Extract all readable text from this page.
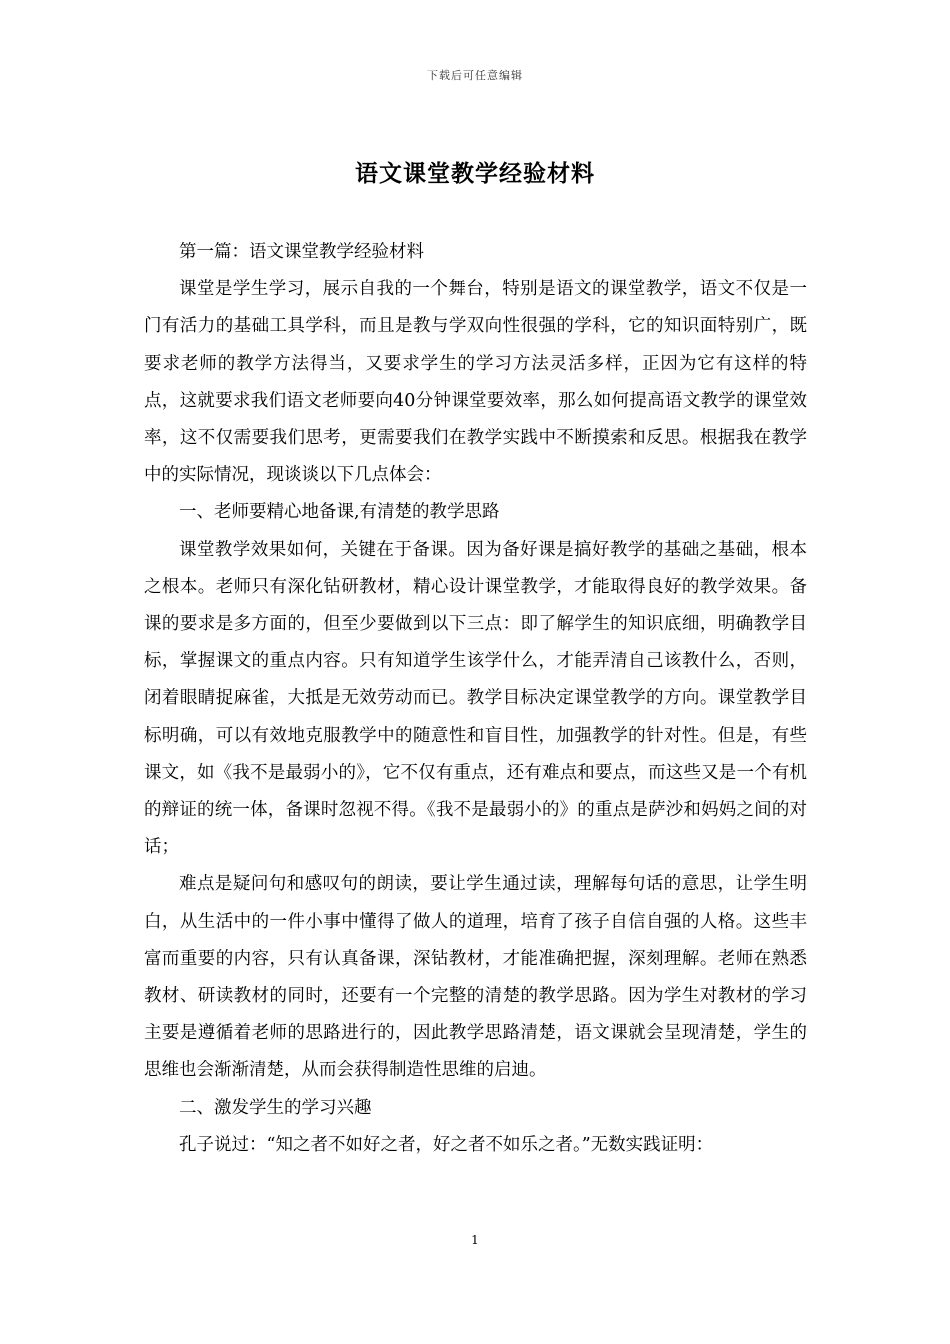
下载后可任意编辑
语文课堂教学经验材料

第一篇：语文课堂教学经验材料

课堂是学生学习，展示自我的一个舞台，特别是语文的课堂教学，语文不仅是一门有活力的基础工具学科，而且是教与学双向性很强的学科，它的知识面特别广，既要求老师的教学方法得当，又要求学生的学习方法灵活多样，正因为它有这样的特点，这就要求我们语文老师要向40分钟课堂要效率，那么如何提高语文教学的课堂效率，这不仅需要我们思考，更需要我们在教学实践中不断摸索和反思。根据我在教学中的实际情况，现谈谈以下几点体会：

一、老师要精心地备课,有清楚的教学思路

课堂教学效果如何，关键在于备课。因为备好课是搞好教学的基础之基础，根本之根本。老师只有深化钻研教材，精心设计课堂教学，才能取得良好的教学效果。备课的要求是多方面的，但至少要做到以下三点：即了解学生的知识底细，明确教学目标，掌握课文的重点内容。只有知道学生该学什么，才能弄清自己该教什么，否则，闭着眼睛捉麻雀，大抵是无效劳动而已。教学目标决定课堂教学的方向。课堂教学目标明确，可以有效地克服教学中的随意性和盲目性，加强教学的针对性。但是，有些课文，如《我不是最弱小的》，它不仅有重点，还有难点和要点，而这些又是一个有机的辩证的统一体，备课时忽视不得。《我不是最弱小的》的重点是萨沙和妈妈之间的对话；

难点是疑问句和感叹句的朗读，要让学生通过读，理解每句话的意思，让学生明白，从生活中的一件小事中懂得了做人的道理，培育了孩子自信自强的人格。这些丰富而重要的内容，只有认真备课，深钻教材，才能准确把握，深刻理解。老师在熟悉教材、研读教材的同时，还要有一个完整的清楚的教学思路。因为学生对教材的学习主要是遵循着老师的思路进行的，因此教学思路清楚，语文课就会呈现清楚，学生的思维也会渐渐清楚，从而会获得制造性思维的启迪。

二、激发学生的学习兴趣

孔子说过：“知之者不如好之者，好之者不如乐之者。”无数实践证明：

1
